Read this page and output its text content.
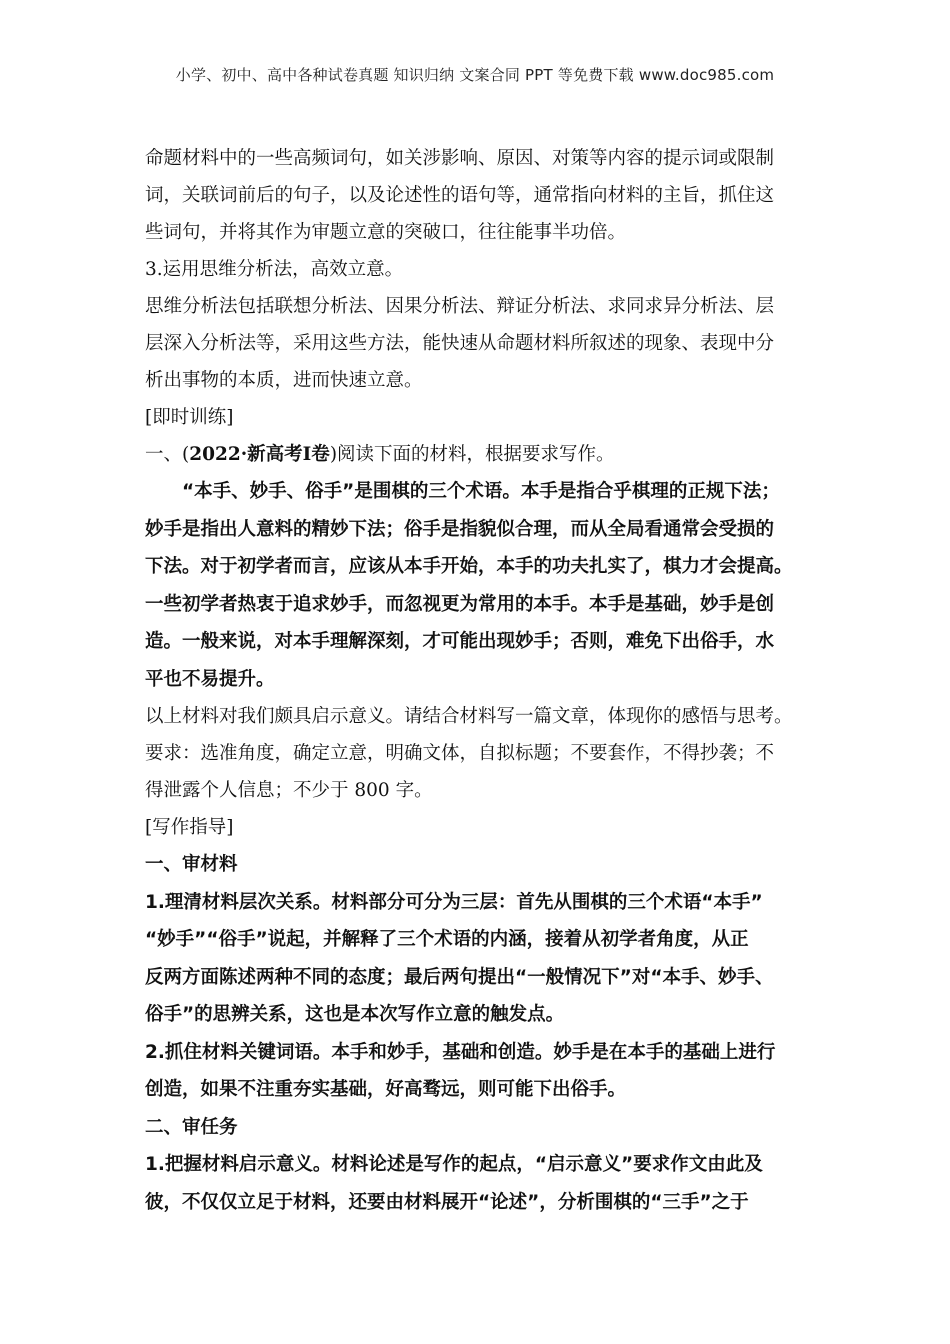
小学、初中、高中各种试卷真题 知识归纳 文案合同 PPT 等免费下载 www.doc985.com

命题材料中的一些高频词句，如关涉影响、原因、对策等内容的提示词或限制

词，关联词前后的句子，以及论述性的语句等，通常指向材料的主旨，抓住这

些词句，并将其作为审题立意的突破口，往往能事半功倍。

3.运用思维分析法，高效立意。

思维分析法包括联想分析法、因果分析法、辩证分析法、求同求异分析法、层

层深入分析法等，采用这些方法，能快速从命题材料所叙述的现象、表现中分

析出事物的本质，进而快速立意。

[即时训练]

一、(2022·新高考Ⅰ卷)阅读下面的材料，根据要求写作。

“本手、妙手、俗手”是围棋的三个术语。本手是指合乎棋理的正规下法；

妙手是指出人意料的精妙下法；俗手是指貌似合理，而从全局看通常会受损的

下法。对于初学者而言，应该从本手开始，本手的功夫扎实了，棋力才会提高。

一些初学者热衷于追求妙手，而忽视更为常用的本手。本手是基础，妙手是创

造。一般来说，对本手理解深刻，才可能出现妙手；否则，难免下出俗手，水

平也不易提升。

以上材料对我们颇具启示意义。请结合材料写一篇文章，体现你的感悟与思考。

要求：选准角度，确定立意，明确文体，自拟标题；不要套作，不得抄袭；不

得泄露个人信息；不少于 800 字。

[写作指导]

一、审材料

1.理清材料层次关系。材料部分可分为三层：首先从围棋的三个术语“本手”

“妙手”“俗手”说起，并解释了三个术语的内涵，接着从初学者角度，从正

反两方面陈述两种不同的态度；最后两句提出“一般情况下”对“本手、妙手、

俗手”的思辨关系，这也是本次写作立意的触发点。

2.抓住材料关键词语。本手和妙手，基础和创造。妙手是在本手的基础上进行

创造，如果不注重夯实基础，好高骛远，则可能下出俗手。

二、审任务

1.把握材料启示意义。材料论述是写作的起点，“启示意义”要求作文由此及

彼，不仅仅立足于材料，还要由材料展开“论述”，分析围棋的“三手”之于
